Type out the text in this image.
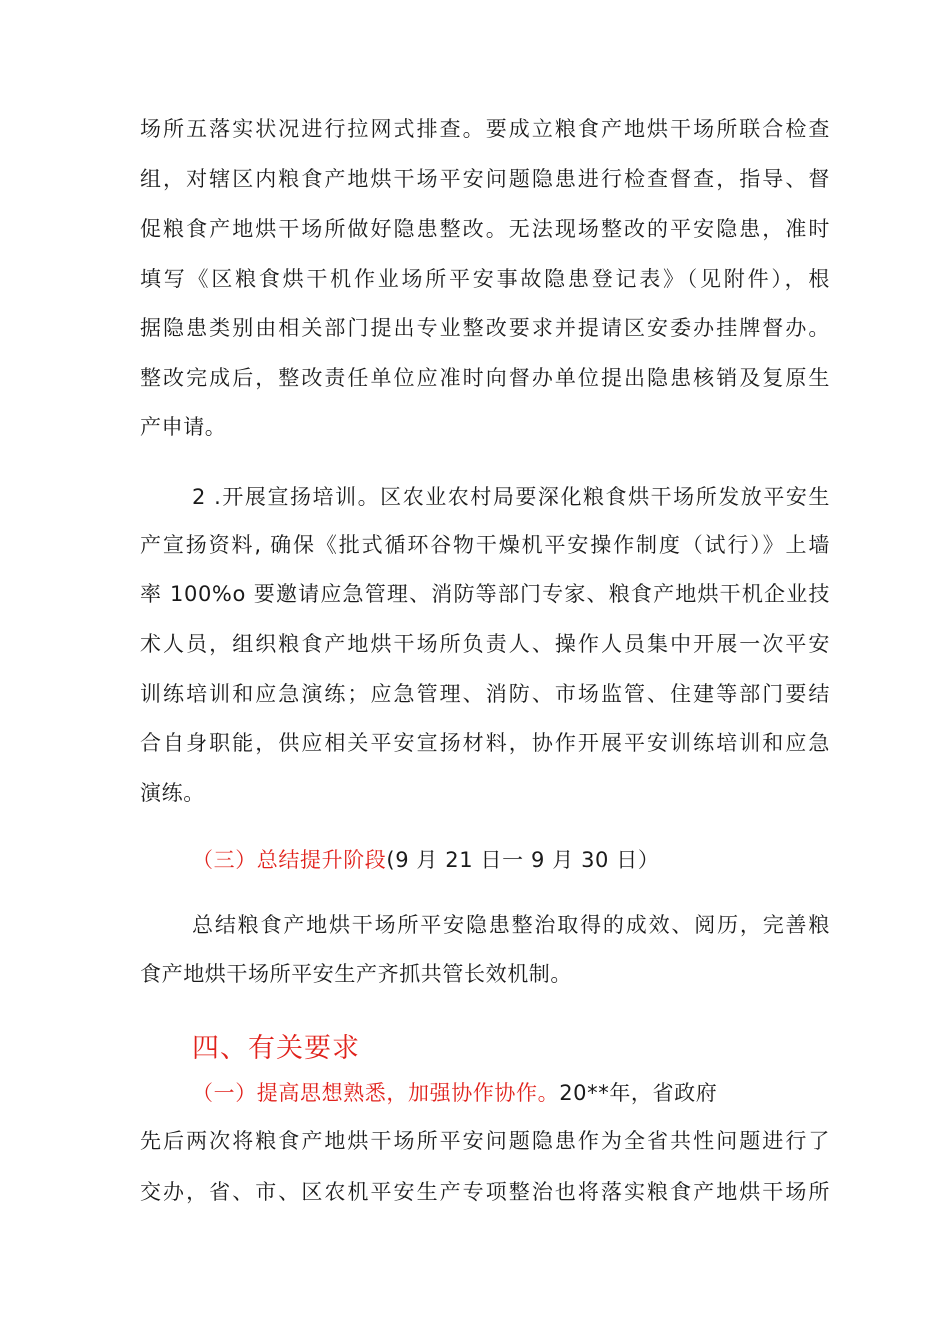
场所五落实状况进行拉网式排查。要成立粮食产地烘干场所联合检查
组，对辖区内粮食产地烘干场平安问题隐患进行检查督查，指导、督
促粮食产地烘干场所做好隐患整改。无法现场整改的平安隐患，准时
填写《区粮食烘干机作业场所平安事故隐患登记表》（见附件），根
据隐患类别由相关部门提出专业整改要求并提请区安委办挂牌督办。
整改完成后，整改责任单位应准时向督办单位提出隐患核销及复原生
产申请。
2 .开展宣扬培训。区农业农村局要深化粮食烘干场所发放平安生
产宣扬资料, 确保《批式循环谷物干燥机平安操作制度（试行）》上墙
率 100%o 要邀请应急管理、消防等部门专家、粮食产地烘干机企业技
术人员，组织粮食产地烘干场所负责人、操作人员集中开展一次平安
训练培训和应急演练；应急管理、消防、市场监管、住建等部门要结
合自身职能，供应相关平安宣扬材料，协作开展平安训练培训和应急
演练。
（三）总结提升阶段(9 月 21 日一 9 月 30 日）
总结粮食产地烘干场所平安隐患整治取得的成效、阅历，完善粮
食产地烘干场所平安生产齐抓共管长效机制。
四、有关要求
（一）提高思想熟悉，加强协作协作。20**年，省政府
先后两次将粮食产地烘干场所平安问题隐患作为全省共性问题进行了
交办，省、市、区农机平安生产专项整治也将落实粮食产地烘干场所
